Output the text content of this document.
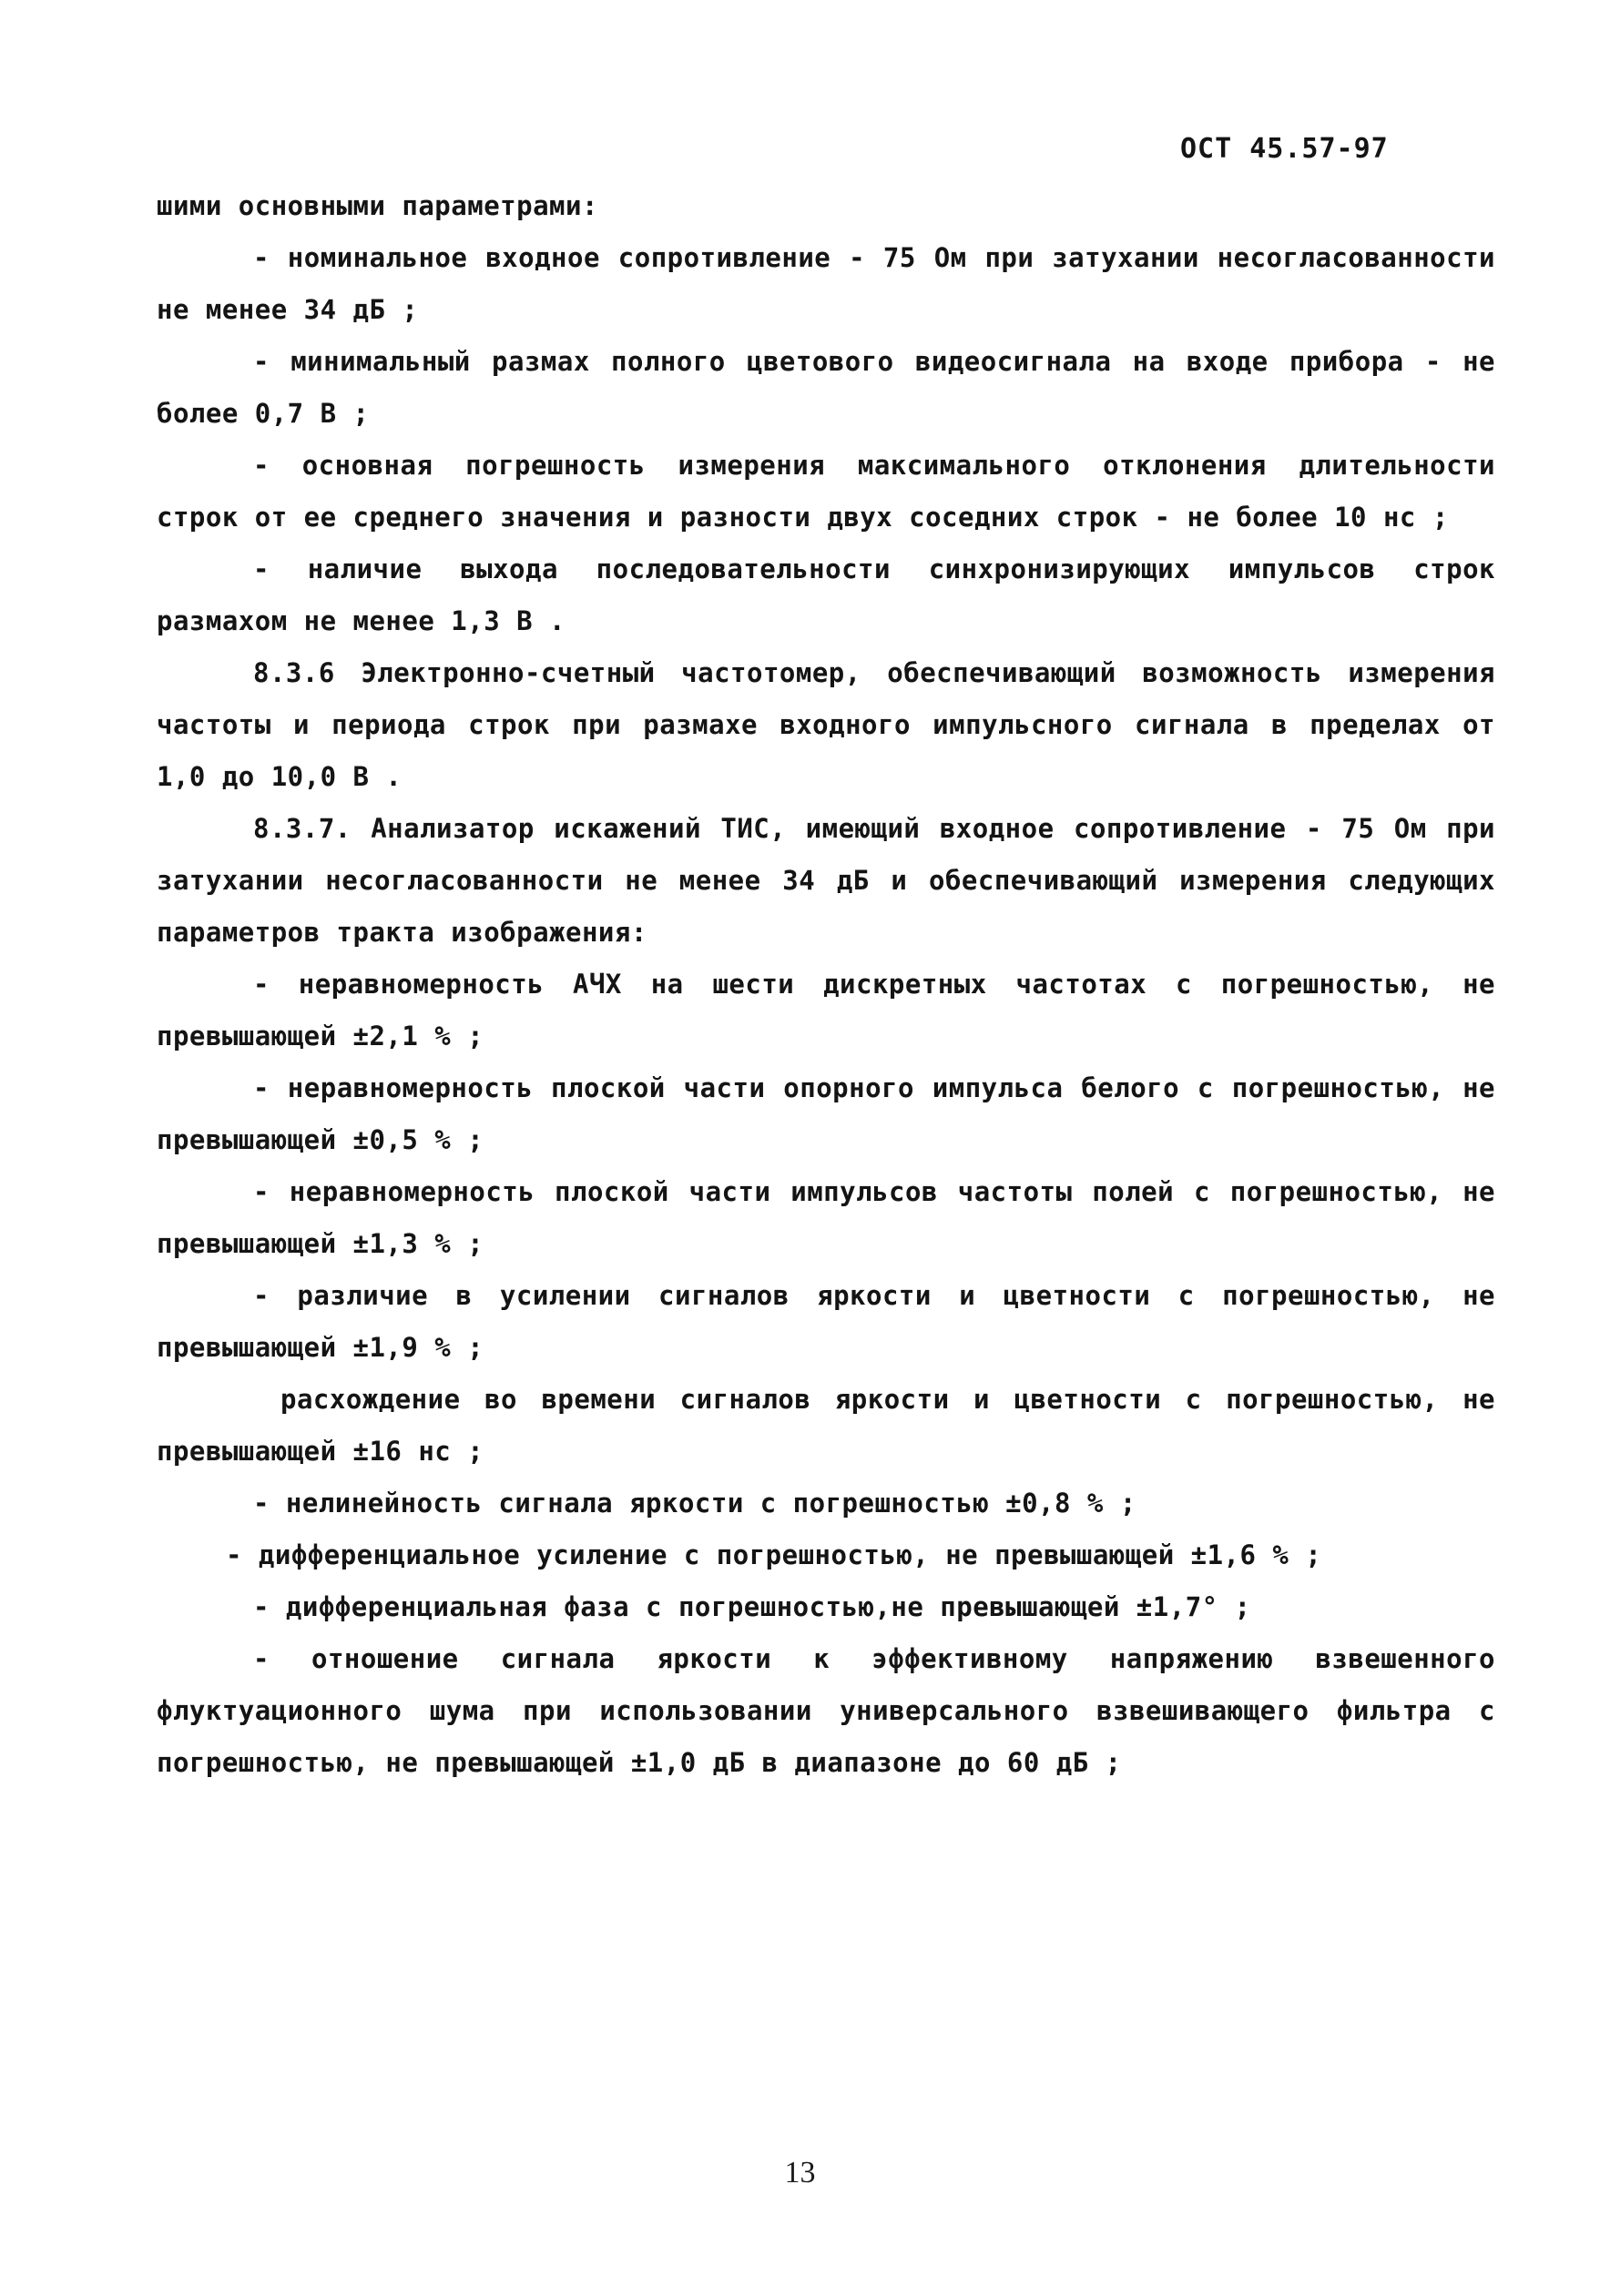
ОСТ 45.57-97

шими основными параметрами:

- номинальное входное сопротивление - 75 Ом при затухании несогласованности не менее 34 дБ ;

- минимальный размах полного цветового видеосигнала на входе прибора - не более 0,7 В ;

- основная погрешность измерения максимального отклонения длительности строк от ее среднего значения и разности двух соседних строк - не более 10 нс ;

- наличие выхода последовательности синхронизирующих импульсов строк размахом не менее 1,3 В .

8.3.6 Электронно-счетный частотомер, обеспечивающий возможность измерения частоты и периода строк при размахе входного импульсного сигнала в пределах от 1,0 до 10,0 В .

8.3.7. Анализатор искажений ТИС, имеющий входное сопротивление - 75 Ом при затухании несогласованности не менее 34 дБ и обеспечивающий измерения следующих параметров тракта изображения:

- неравномерность АЧХ на шести дискретных частотах с погрешностью, не превышающей ±2,1 % ;

- неравномерность плоской части опорного импульса белого с погрешностью, не превышающей ±0,5 % ;

- неравномерность плоской части импульсов частоты полей с погрешностью, не превышающей ±1,3 % ;

- различие в усилении сигналов яркости и цветности с погрешностью, не превышающей ±1,9 % ;

расхождение во времени сигналов яркости и цветности с погрешностью, не превышающей ±16 нс ;

- нелинейность сигнала яркости с погрешностью ±0,8 % ;

- дифференциальное усиление с погрешностью, не превышающей ±1,6 % ;

- дифференциальная фаза с погрешностью,не превышающей ±1,7° ;

- отношение сигнала яркости к эффективному напряжению взвешенного флуктуационного шума при использовании универсального взвешивающего фильтра с погрешностью, не превышающей ±1,0 дБ в диапазоне до 60 дБ ;

13
